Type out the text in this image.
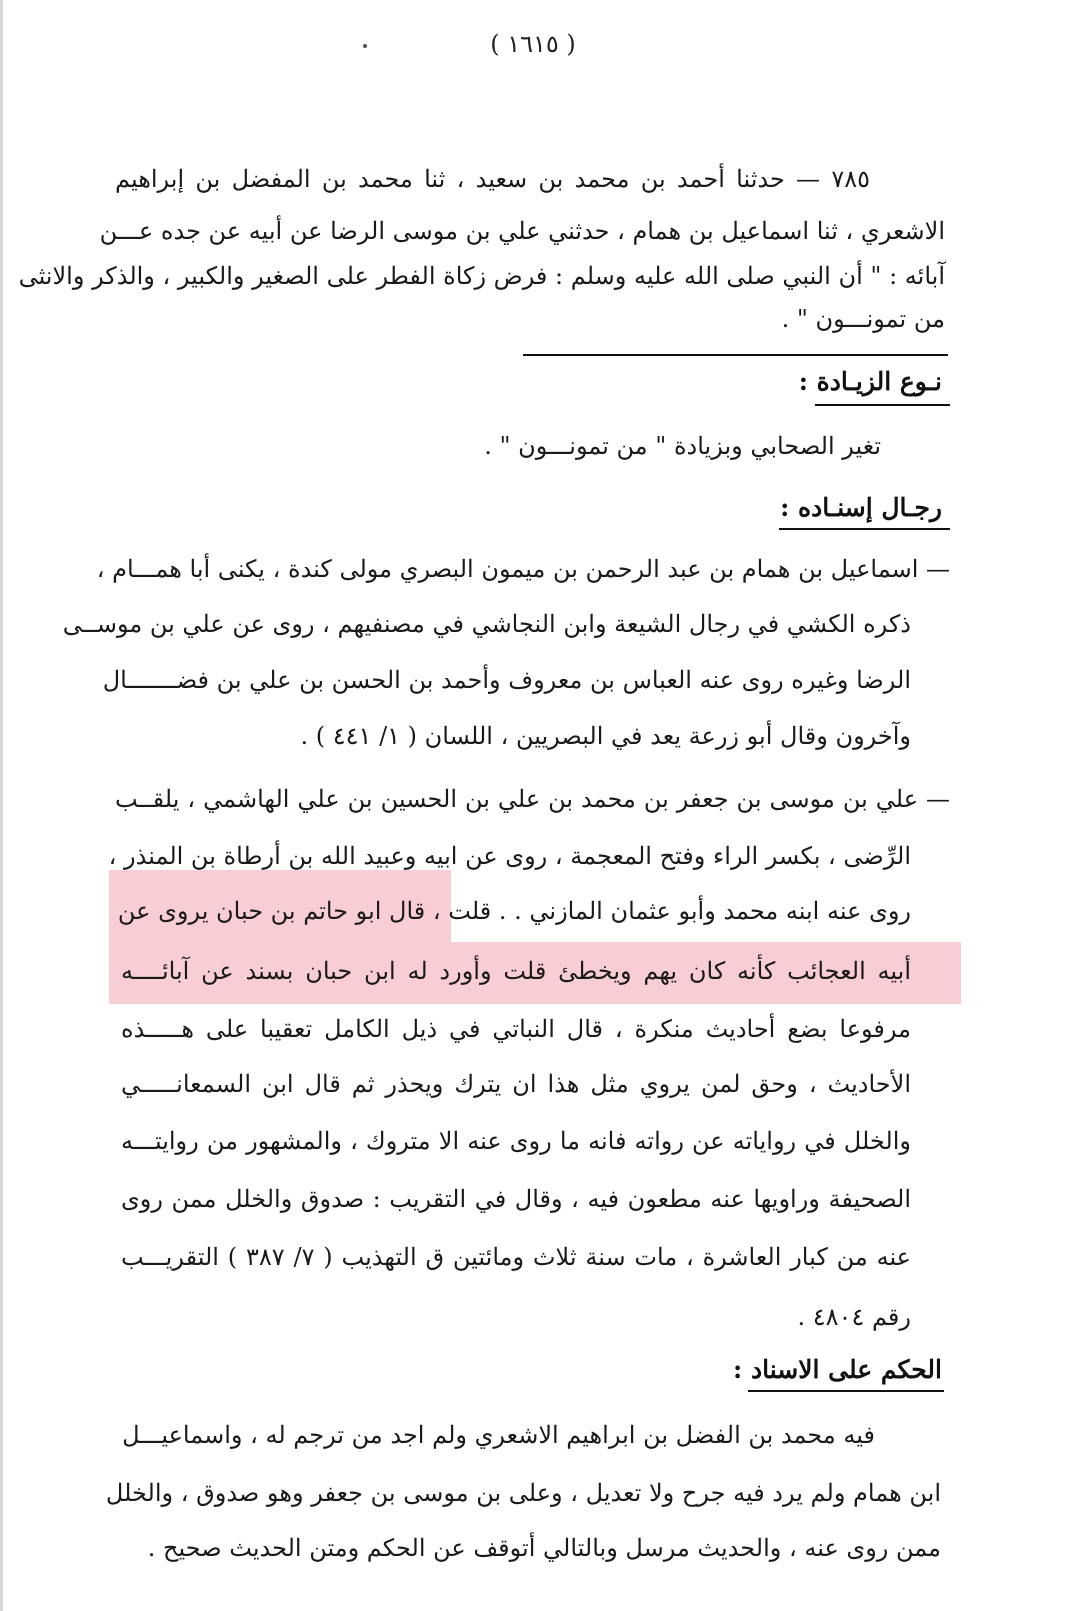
( ١٦١٥ )
٧٨٥ — حدثنا أحمد بن محمد بن سعيد ، ثنا محمد بن المفضل بن إبراهيم
الاشعري ، ثنا اسماعيل بن همام ، حدثني علي بن موسى الرضا عن أبيه عن جده عـــن
آبائه : " أن النبي صلى الله عليه وسلم : فرض زكاة الفطر على الصغير والكبير ، والذكر والانثى
من تمونـــون " .
نـوع الزيـادة :
تغير الصحابي وبزيادة " من تمونـــون " .
رجـال إسنـاده :
— اسماعيل بن همام بن عبد الرحمن بن ميمون البصري مولى كندة ، يكنى أبا همـــام ،
ذكره الكشي في رجال الشيعة وابن النجاشي في مصنفيهم ، روى عن علي بن موســى
الرضا وغيره روى عنه العباس بن معروف وأحمد بن الحسن بن علي بن فضـــــــال
وآخرون وقال أبو زرعة يعد في البصريين ، اللسان ( ١/ ٤٤١ ) .
— علي بن موسى بن جعفر بن محمد بن علي بن الحسين بن علي الهاشمي ، يلقــب
الرِّضى ، بكسر الراء وفتح المعجمة ، روى عن ابيه وعبيد الله بن أرطاة بن المنذر ،
روى عنه ابنه محمد وأبو عثمان المازني . . قلت ، قال ابو حاتم بن حبان يروى عن
أبيه العجائب كأنه كان يهم ويخطئ قلت وأورد له ابن حبان بسند عن آبائــــه
مرفوعا بضع أحاديث منكرة ، قال النباتي في ذيل الكامل تعقيبا على هـــــذه
الأحاديث ، وحق لمن يروي مثل هذا ان يترك ويحذر ثم قال ابن السمعانـــــي
والخلل في رواياته عن رواته فانه ما روى عنه الا متروك ، والمشهور من روايتـــه
الصحيفة وراويها عنه مطعون فيه ، وقال في التقريب : صدوق والخلل ممن روى
عنه من كبار العاشرة ، مات سنة ثلاث ومائتين ق التهذيب ( ٧/ ٣٨٧ ) التقريـــب
رقم ٤٨٠٤ .
الحكم على الاسناد :
فيه محمد بن الفضل بن ابراهيم الاشعري ولم اجد من ترجم له ، واسماعيـــل
ابن همام ولم يرد فيه جرح ولا تعديل ، وعلى بن موسى بن جعفر وهو صدوق ، والخلل
ممن روى عنه ، والحديث مرسل وبالتالي أتوقف عن الحكم ومتن الحديث صحيح .
